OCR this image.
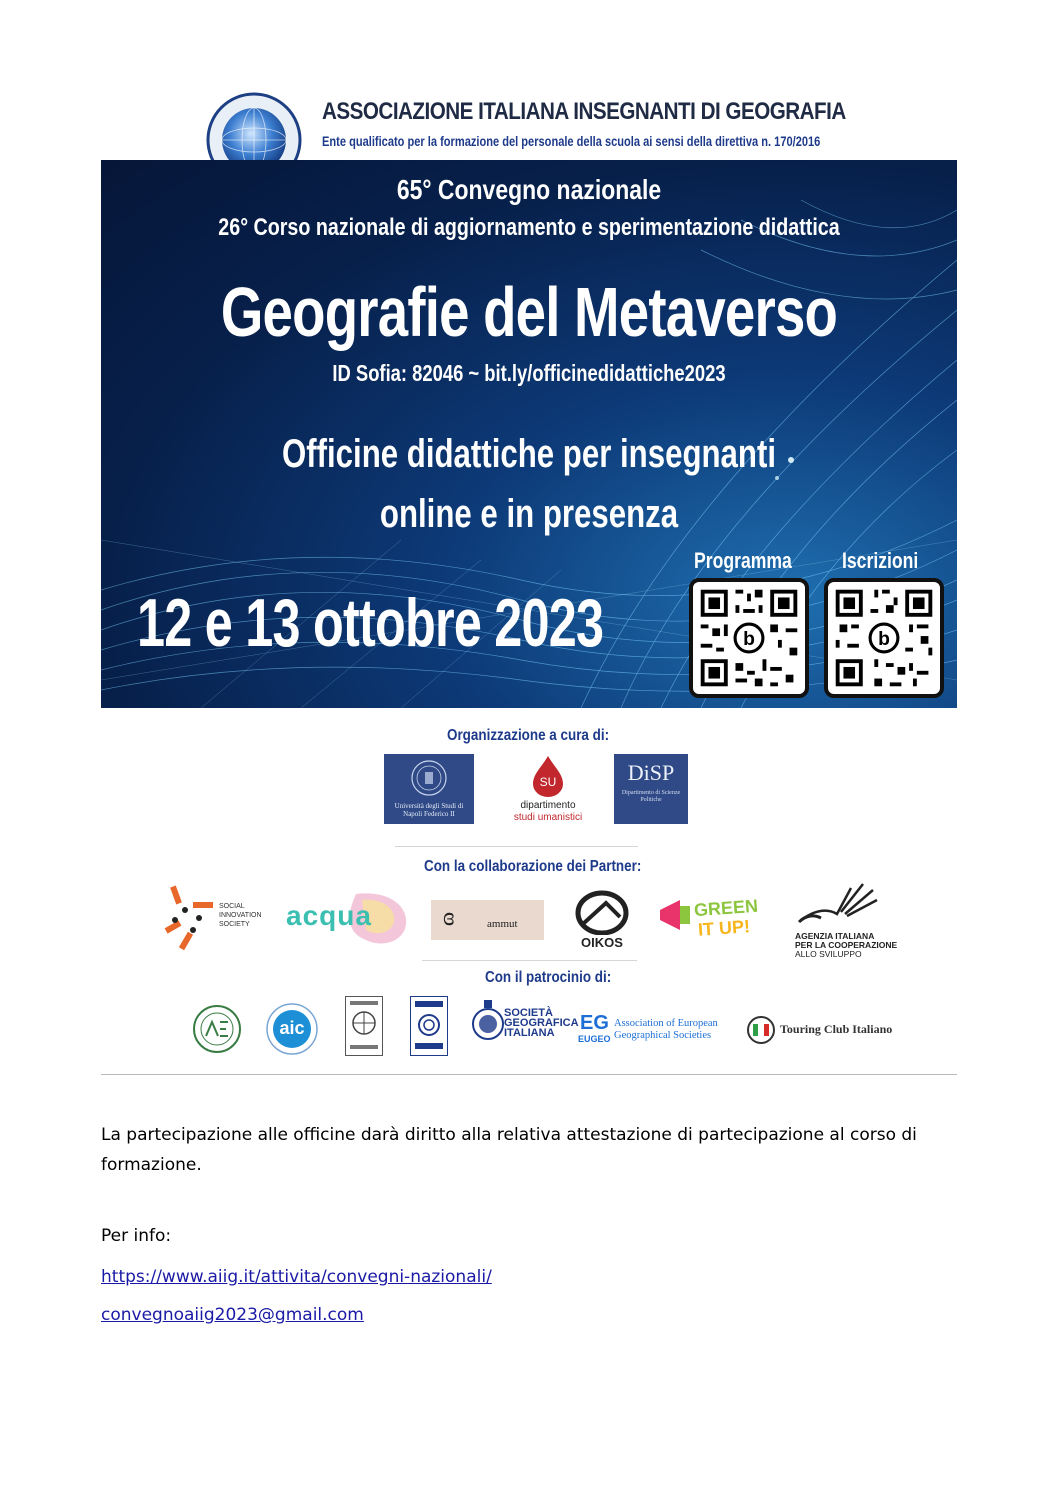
ASSOCIAZIONE ITALIANA INSEGNANTI DI GEOGRAFIA
Ente qualificato per la formazione del personale della scuola ai sensi della direttiva n. 170/2016
65° Convegno nazionale
26° Corso nazionale di aggiornamento e sperimentazione didattica
Geografie del Metaverso
ID Sofia: 82046 ~ bit.ly/officinedidattiche2023
Officine didattiche per insegnanti
online e in presenza
12 e 13 ottobre 2023
Programma Iscrizioni
b	b
Organizzazione a cura di:
Università degli Studi di Napoli Federico II
SU
dipartimento
studi umanistici
DiSP
Dipartimento di Scienze Politiche
Con la collaborazione dei Partner:
SOCIAL INNOVATION SOCIETY	acqua	ɞ	ammut
OIKOS
GREEN
IT UP!	AGENZIA ITALIANA
PER LA COOPERAZIONE
ALLO SVILUPPO
Con il patrocinio di:
aic
SOCIETÀ
GEOGRAFICA
ITALIANA EG
EUGEO
Association of European
Geographical Societies	Touring Club Italiano
La partecipazione alle officine darà diritto alla relativa attestazione di partecipazione al corso di formazione.
Per info:
https://www.aiig.it/attivita/convegni-nazionali/
convegnoaiig2023@gmail.com
